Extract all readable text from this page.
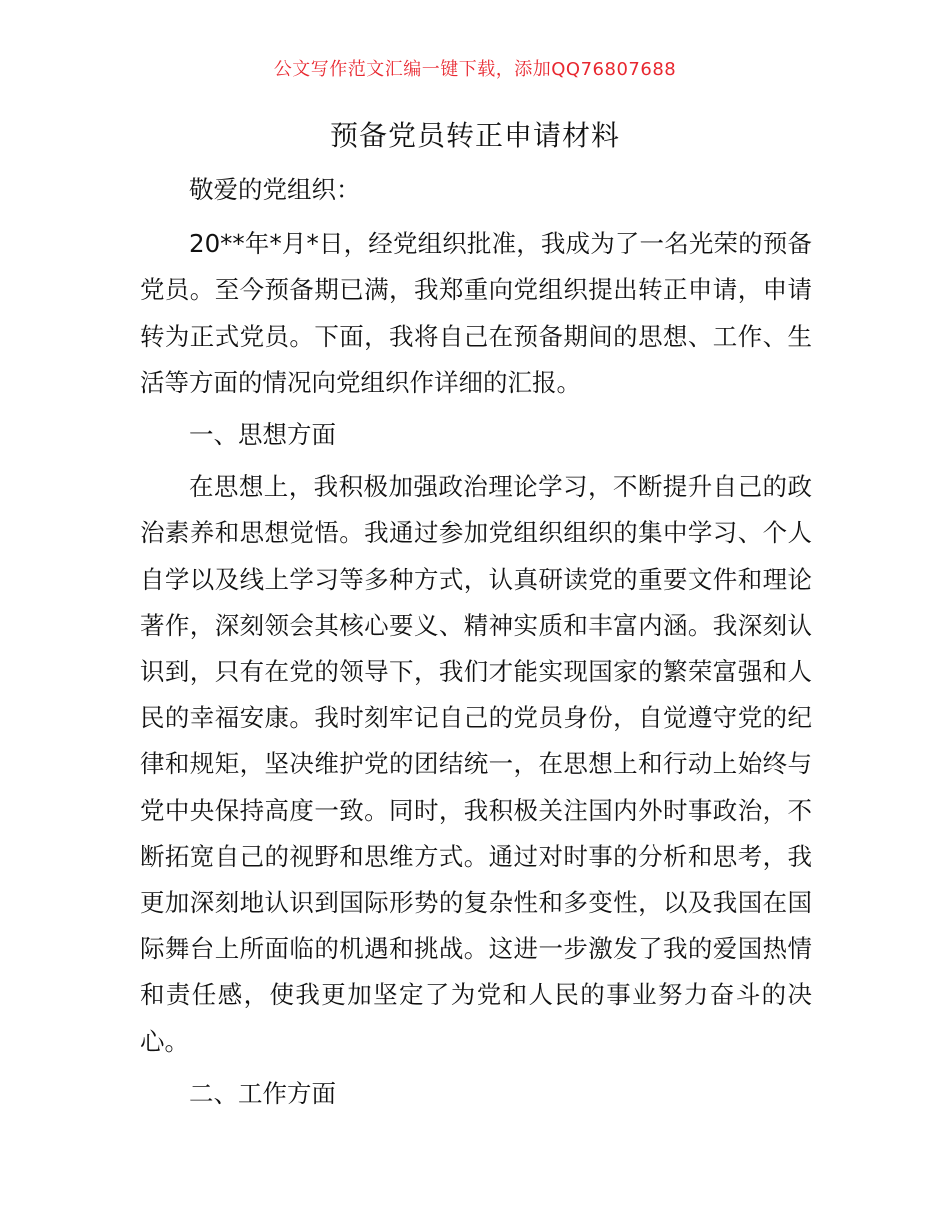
公文写作范文汇编一键下载，添加QQ76807688
预备党员转正申请材料

敬爱的党组织：

20**年*月*日，经党组织批准，我成为了一名光荣的预备党员。至今预备期已满，我郑重向党组织提出转正申请，申请转为正式党员。下面，我将自己在预备期间的思想、工作、生活等方面的情况向党组织作详细的汇报。

一、思想方面

在思想上，我积极加强政治理论学习，不断提升自己的政治素养和思想觉悟。我通过参加党组织组织的集中学习、个人自学以及线上学习等多种方式，认真研读党的重要文件和理论著作，深刻领会其核心要义、精神实质和丰富内涵。我深刻认识到，只有在党的领导下，我们才能实现国家的繁荣富强和人民的幸福安康。我时刻牢记自己的党员身份，自觉遵守党的纪律和规矩，坚决维护党的团结统一，在思想上和行动上始终与党中央保持高度一致。同时，我积极关注国内外时事政治，不断拓宽自己的视野和思维方式。通过对时事的分析和思考，我更加深刻地认识到国际形势的复杂性和多变性，以及我国在国际舞台上所面临的机遇和挑战。这进一步激发了我的爱国热情和责任感，使我更加坚定了为党和人民的事业努力奋斗的决心。

二、工作方面
